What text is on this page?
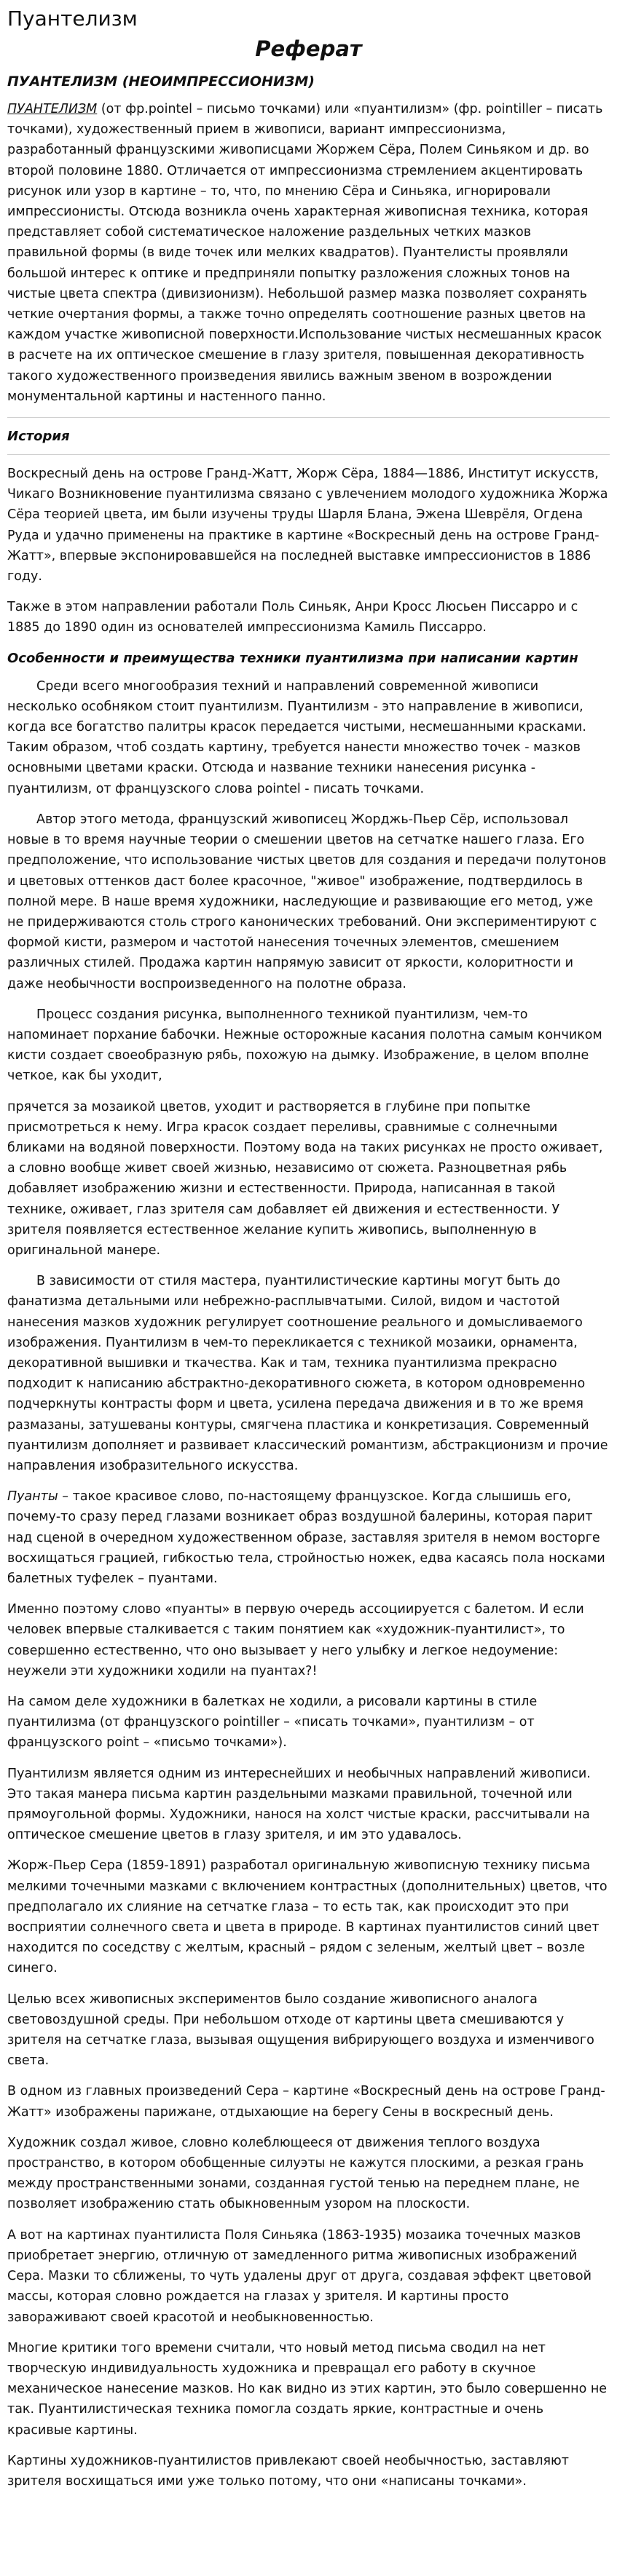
Пуантелизм
Реферат
ПУАНТЕЛИЗМ (НЕОИМПРЕССИОНИЗМ)

ПУАНТЕЛИЗМ (от фр.pointel – письмо точками) или «пуантилизм» (фр. pointiller – писать точками), художественный прием в живописи, вариант импрессионизма, разработанный французскими живописцами Жоржем Сёра, Полем Синьяком и др. во второй половине 1880. Отличается от импрессионизма стремлением акцентировать рисунок или узор в картине – то, что, по мнению Сёра и Синьяка, игнорировали импрессионисты. Отсюда возникла очень характерная живописная техника, которая представляет собой систематическое наложение раздельных четких мазков правильной формы (в виде точек или мелких квадратов). Пуантелисты проявляли большой интерес к оптике и предприняли попытку разложения сложных тонов на чистые цвета спектра (дивизионизм). Небольшой размер мазка позволяет сохранять четкие очертания формы, а также точно определять соотношение разных цветов на каждом участке живописной поверхности.Использование чистых несмешанных красок в расчете на их оптическое смешение в глазу зрителя, повышенная декоративность такого художественного произведения явились важным звеном в возрождении монументальной картины и настенного панно.

История

Воскресный день на острове Гранд-Жатт, Жорж Сёра, 1884—1886, Институт искусств, Чикаго Возникновение пуантилизма связано с увлечением молодого художника Жоржа Сёра теорией цвета, им были изучены труды Шарля Блана, Эжена Шеврёля, Огдена Руда и удачно применены на практике в картине «Воскресный день на острове Гранд-Жатт», впервые экспонировавшейся на последней выставке импрессионистов в 1886 году.

Также в этом направлении работали Поль Синьяк, Анри Кросс Люсьен Писсарро и с 1885 до 1890 один из основателей импрессионизма Камиль Писсарро.

Особенности и преимущества техники пуантилизма при написании картин

Среди всего многообразия техний и направлений современной живописи несколько особняком стоит пуантилизм. Пуантилизм - это направление в живописи, когда все богатство палитры красок передается чистыми, несмешанными красками. Таким образом, чтоб создать картину, требуется нанести множество точек - мазков основными цветами краски. Отсюда и название техники нанесения рисунка - пуантилизм, от французского слова pointel - писать точками.

Автор этого метода, французский живописец Жорджь-Пьер Сёр, использовал новые в то время научные теории о смешении цветов на сетчатке нашего глаза. Его предположение, что использование чистых цветов для создания и передачи полутонов и цветовых оттенков даст более красочное, "живое" изображение, подтвердилось в полной мере. В наше время художники, наследующие и развивающие его метод, уже не придерживаются столь строго канонических требований. Они экспериментируют с формой кисти, размером и частотой нанесения точечных элементов, смешением различных стилей. Продажа картин напрямую зависит от яркости, колоритности и даже необычности воспроизведенного на полотне образа.

Процесс создания рисунка, выполненного техникой пуантилизм, чем-то напоминает порхание бабочки. Нежные осторожные касания полотна самым кончиком кисти создает своеобразную рябь, похожую на дымку. Изображение, в целом вполне четкое, как бы уходит,

прячется за мозаикой цветов, уходит и растворяется в глубине при попытке присмотреться к нему. Игра красок создает переливы, сравнимые с солнечными бликами на водяной поверхности. Поэтому вода на таких рисунках не просто оживает, а словно вообще живет своей жизнью, независимо от сюжета. Разноцветная рябь добавляет изображению жизни и естественности. Природа, написанная в такой технике, оживает, глаз зрителя сам добавляет ей движения и естественности. У зрителя появляется естественное желание купить живопись, выполненную в оригинальной манере.

В зависимости от стиля мастера, пуантилистические картины могут быть до фанатизма детальными или небрежно-расплывчатыми. Силой, видом и частотой нанесения мазков художник регулирует соотношение реального и домысливаемого изображения. Пуантилизм в чем-то перекликается с техникой мозаики, орнамента, декоративной вышивки и ткачества. Как и там, техника пуантилизма прекрасно подходит к написанию абстрактно-декоративного сюжета, в котором одновременно подчеркнуты контрасты форм и цвета, усилена передача движения и в то же время размазаны, затушеваны контуры, смягчена пластика и конкретизация. Современный пуантилизм дополняет и развивает классический романтизм, абстракционизм и прочие направления изобразительного искусства.

Пуанты – такое красивое слово, по-настоящему французское. Когда слышишь его, почему-то сразу перед глазами возникает образ воздушной балерины, которая парит над сценой в очередном художественном образе, заставляя зрителя в немом восторге восхищаться грацией, гибкостью тела, стройностью ножек, едва касаясь пола носками балетных туфелек – пуантами.

Именно поэтому слово «пуанты» в первую очередь ассоциируется с балетом. И если человек впервые сталкивается с таким понятием как «художник-пуантилист», то совершенно естественно, что оно вызывает у него улыбку и легкое недоумение: неужели эти художники ходили на пуантах?!

На самом деле художники в балетках не ходили, а рисовали картины в стиле пуантилизма (от французского pointiller – «писать точками», пуантилизм – от французского point – «письмо точками»).

Пуантилизм является одним из интереснейших и необычных направлений живописи. Это такая манера письма картин раздельными мазками правильной, точечной или прямоугольной формы. Художники, нанося на холст чистые краски, рассчитывали на оптическое смешение цветов в глазу зрителя, и им это удавалось.

Жорж-Пьер Сера (1859-1891) разработал оригинальную живописную технику письма мелкими точечными мазками с включением контрастных (дополнительных) цветов, что предполагало их слияние на сетчатке глаза – то есть так, как происходит это при восприятии солнечного света и цвета в природе. В картинах пуантилистов синий цвет находится по соседству с желтым, красный – рядом с зеленым, желтый цвет – возле синего.

Целью всех живописных экспериментов было создание живописного аналога световоздушной среды. При небольшом отходе от картины цвета смешиваются у зрителя на сетчатке глаза, вызывая ощущения вибрирующего воздуха и изменчивого света.

В одном из главных произведений Сера – картине «Воскресный день на острове Гранд-Жатт» изображены парижане, отдыхающие на берегу Сены в воскресный день.

Художник создал живое, словно колеблющееся от движения теплого воздуха пространство, в котором обобщенные силуэты не кажутся плоскими, а резкая грань между пространственными зонами, созданная густой тенью на переднем плане, не позволяет изображению стать обыкновенным узором на плоскости.

А вот на картинах пуантилиста Поля Синьяка (1863-1935) мозаика точечных мазков приобретает энергию, отличную от замедленного ритма живописных изображений Сера. Мазки то сближены, то чуть удалены друг от друга, создавая эффект цветовой массы, которая словно рождается на глазах у зрителя. И картины просто завораживают своей красотой и необыкновенностью.

Многие критики того времени считали, что новый метод письма сводил на нет творческую индивидуальность художника и превращал его работу в скучное механическое нанесение мазков. Но как видно из этих картин, это было совершенно не так. Пуантилистическая техника помогла создать яркие, контрастные и очень красивые картины.

Картины художников-пуантилистов привлекают своей необычностью, заставляют зрителя восхищаться ими уже только потому, что они «написаны точками».
